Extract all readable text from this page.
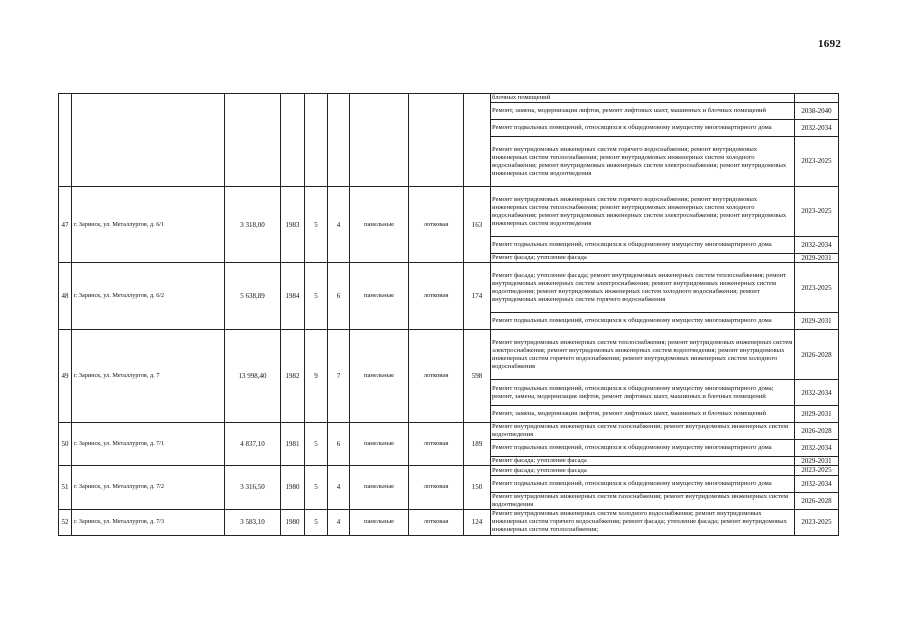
1692
									блочных помещений	
									Ремонт, замена, модернизация лифтов, ремонт лифтовых шахт, машинных и блочных помещений	2038-2040
									Ремонт подвальных помещений, относящихся к общедомовому имуществу многоквартирного дома	2032-2034
									Ремонт внутридомовых инженерных систем горячего водоснабжения; ремонт внутридомовых инженерных систем теплоснабжения; ремонт внутридомовых инженерных систем холодного водоснабжения; ремонт внутридомовых инженерных систем электроснабжения; ремонт внутридомовых инженерных систем водоотведения	2023-2025
47	г. Заринск, ул. Металлургов, д. 6/1	3 318,00	1983	5	4	панельные	лотковая	163	Ремонт внутридомовых инженерных систем горячего водоснабжения; ремонт внутридомовых инженерных систем теплоснабжения; ремонт внутридомовых инженерных систем холодного водоснабжения; ремонт внутридомовых инженерных систем электроснабжения; ремонт внутридомовых инженерных систем водоотведения	2023-2025
									Ремонт подвальных помещений, относящихся к общедомовому имуществу многоквартирного дома	2032-2034
									Ремонт фасада; утепление фасада	2029-2031
48	г. Заринск, ул. Металлургов, д. 6/2	5 638,89	1984	5	6	панельные	лотковая	174	Ремонт фасада; утепление фасада; ремонт внутридомовых инженерных систем теплоснабжения; ремонт внутридомовых инженерных систем электроснабжения; ремонт внутридомовых инженерных систем водоотведения; ремонт внутридомовых инженерных систем холодного водоснабжения; ремонт внутридомовых инженерных систем горячего водоснабжения	2023-2025
									Ремонт подвальных помещений, относящихся к общедомовому имуществу многоквартирного дома	2029-2031
49	г. Заринск, ул. Металлургов, д. 7	13 998,40	1982	9	7	панельные	лотковая	598	Ремонт внутридомовых инженерных систем теплоснабжения; ремонт внутридомовых инженерных систем электроснабжения; ремонт внутридомовых инженерных систем водоотведения; ремонт внутридомовых инженерных систем горячего водоснабжения; ремонт внутридомовых инженерных систем холодного водоснабжения	2026-2028
									Ремонт подвальных помещений, относящихся к общедомовому имуществу многоквартирного дома; ремонт, замена, модернизация лифтов, ремонт лифтовых шахт, машинных и блочных помещений	2032-2034
									Ремонт, замена, модернизация лифтов, ремонт лифтовых шахт, машинных и блочных помещений	2029-2031
50	г. Заринск, ул. Металлургов, д. 7/1	4 837,10	1981	5	6	панельные	лотковая	189	Ремонт внутридомовых инженерных систем газоснабжения; ремонт внутридомовых инженерных систем водоотведения	2026-2028
									Ремонт подвальных помещений, относящихся к общедомовому имуществу многоквартирного дома	2032-2034
									Ремонт фасада; утепление фасада	2029-2031
51	г. Заринск, ул. Металлургов, д. 7/2	3 316,50	1980	5	4	панельные	лотковая	150	Ремонт фасада; утепление фасада	2023-2025
									Ремонт подвальных помещений, относящихся к общедомовому имуществу многоквартирного дома	2032-2034
									Ремонт внутридомовых инженерных систем газоснабжения; ремонт внутридомовых инженерных систем водоотведения	2026-2028
52	г. Заринск, ул. Металлургов, д. 7/3	3 583,10	1980	5	4	панельные	лотковая	124	Ремонт внутридомовых инженерных систем холодного водоснабжения; ремонт внутридомовых инженерных систем горячего водоснабжения; ремонт фасада; утепление фасада; ремонт внутридомовых инженерных систем теплоснабжения;	2023-2025
